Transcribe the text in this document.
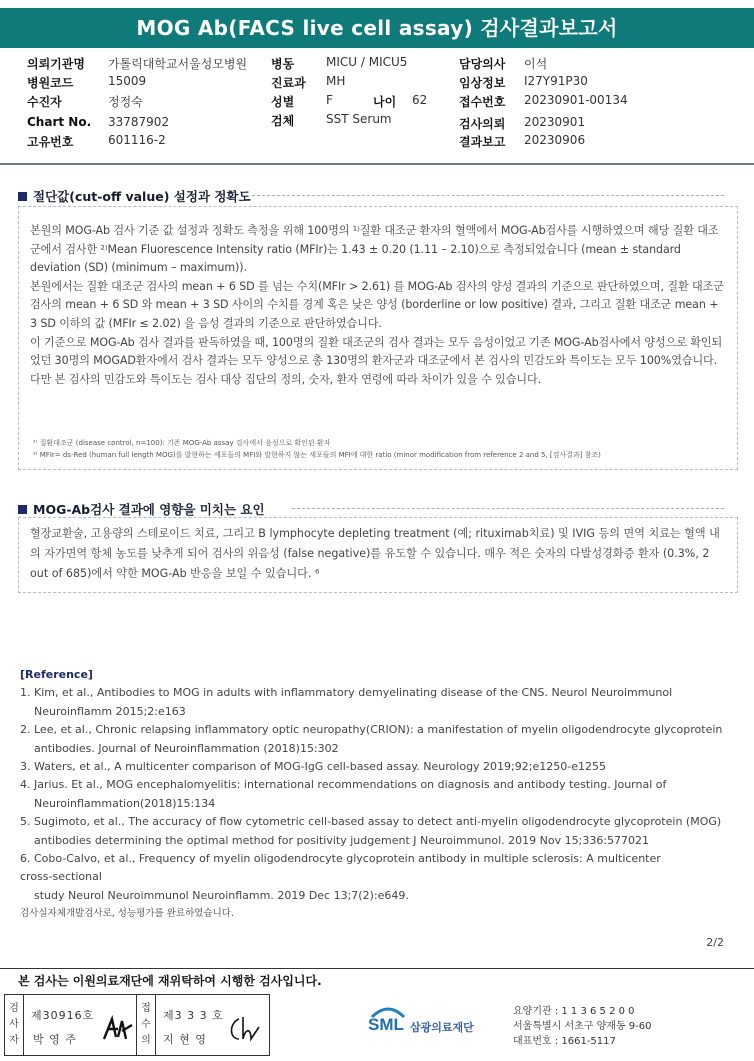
MOG Ab(FACS live cell assay) 검사결과보고서
의뢰기관명 가톨릭대학교서울성모병원
병원코드	15009
수진자	정정숙
Chart No. 33787902
고유번호	601116-2
병동	MICU / MICU5
진료과 MH
성별	F	나이 62
검체	SST Serum
담당의사 이석
임상정보 I27Y91P30
접수번호 20230901-00134
검사의뢰 20230901
결과보고 20230906
절단값(cut-off value) 설정과 정확도

본원의 MOG-Ab 검사 기준 값 설정과 정확도 측정을 위해 100명의 ¹⁾질환 대조군 환자의 혈액에서 MOG-Ab검사를 시행하였으며 해당 질환 대조군에서 검사한 ²⁾Mean Fluorescence Intensity ratio (MFIr)는 1.43 ± 0.20 (1.11 – 2.10)으로 측정되었습니다 (mean ± standard deviation (SD) (minimum – maximum)).

본원에서는 질환 대조군 검사의 mean + 6 SD 를 넘는 수치(MFIr > 2.61) 를 MOG-Ab 검사의 양성 결과의 기준으로 판단하였으며, 질환 대조군 검사의 mean + 6 SD 와 mean + 3 SD 사이의 수치를 경계 혹은 낮은 양성 (borderline or low positive) 결과, 그리고 질환 대조군 mean + 3 SD 이하의 값 (MFIr ≤ 2.02) 을 음성 결과의 기준으로 판단하였습니다.

이 기준으로 MOG-Ab 검사 결과를 판독하였을 때, 100명의 질환 대조군의 검사 결과는 모두 음성이었고 기존 MOG-Ab검사에서 양성으로 확인되었던 30명의 MOGAD환자에서 검사 결과는 모두 양성으로 총 130명의 환자군과 대조군에서 본 검사의 민감도와 특이도는 모두 100%였습니다. 다만 본 검사의 민감도와 특이도는 검사 대상 집단의 정의, 숫자, 환자 연령에 따라 차이가 있을 수 있습니다.

¹⁾ 질환대조군 (disease control, n=100): 기존 MOG-Ab assay 검사에서 음성으로 확인된 환자

²⁾ MFIr= ds-Red (human full length MOG)를 발현하는 세포들의 MFI와 발현하지 않는 세포들의 MFI에 대한 ratio (minor modification from reference 2 and 5, [검사결과] 참조)

MOG-Ab검사 결과에 영향을 미치는 요인
혈장교환술, 고용량의 스테로이드 치료, 그리고 B lymphocyte depleting treatment (예; rituximab치료) 및 IVIG 등의 면역 치료는 혈액 내의 자가면역 항체 농도를 낮추게 되어 검사의 위음성 (false negative)를 유도할 수 있습니다. 매우 적은 숫자의 다발성경화증 환자 (0.3%, 2 out of 685)에서 약한 MOG-Ab 반응을 보일 수 있습니다. ⁶
[Reference]
1. Kim, et al., Antibodies to MOG in adults with inflammatory demyelinating disease of the CNS. Neurol Neuroimmunol
Neuroinflamm 2015;2:e163
2. Lee, et al., Chronic relapsing inflammatory optic neuropathy(CRION): a manifestation of myelin oligodendrocyte glycoprotein
antibodies. Journal of Neuroinflammation (2018)15:302
3. Waters, et al., A multicenter comparison of MOG-IgG cell-based assay. Neurology 2019;92;e1250-e1255
4. Jarius. Et al., MOG encephalomyelitis: international recommendations on diagnosis and antibody testing. Journal of
Neuroinflammation(2018)15:134
5. Sugimoto, et al., The accuracy of flow cytometric cell-based assay to detect anti-myelin oligodendrocyte glycoprotein (MOG)
antibodies determining the optimal method for positivity judgement J Neuroimmunol. 2019 Nov 15;336:577021
6. Cobo-Calvo, et al., Frequency of myelin oligodendrocyte glycoprotein antibody in multiple sclerosis: A multicenter
cross-sectional
study Neurol Neuroimmunol Neuroinflamm. 2019 Dec 13;7(2):e649.
검사실자체개발검사로, 성능평가를 완료하였습니다.
2/2
본 검사는 이원의료재단에 재위탁하여 시행한 검사입니다.
검사자
제30916호
박 영 주
접수의
제3 3 3 호
지 현 영
SML 삼광의료재단
요양기관 : 1 1 3 6 5 2 0 0
서울특별시 서초구 양재동 9-60
대표번호 : 1661-5117
